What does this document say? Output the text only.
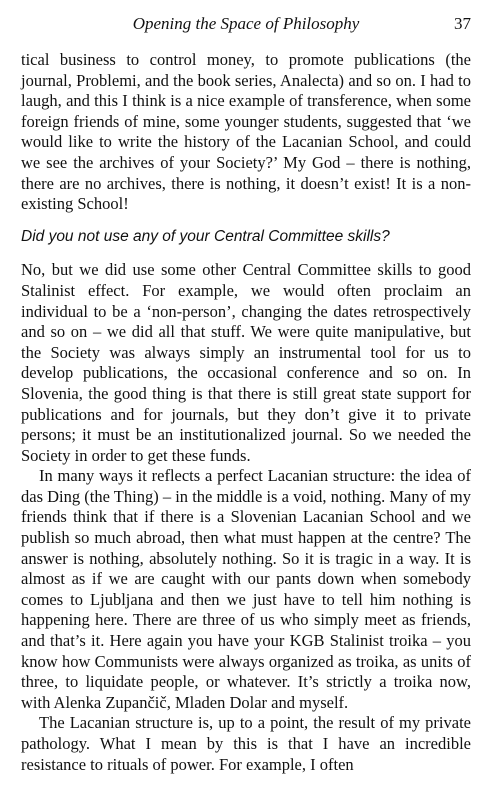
Opening the Space of Philosophy	37

tical business to control money, to promote publications (the journal, Problemi, and the book series, Analecta) and so on. I had to laugh, and this I think is a nice example of transference, when some foreign friends of mine, some younger students, suggested that ‘we would like to write the history of the Lacanian School, and could we see the archives of your Society?’ My God – there is nothing, there are no archives, there is nothing, it doesn’t exist! It is a non-existing School!

Did you not use any of your Central Committee skills?

No, but we did use some other Central Committee skills to good Stalinist effect. For example, we would often proclaim an individual to be a ‘non-person’, changing the dates retrospectively and so on – we did all that stuff. We were quite manipulative, but the Society was always simply an instrumental tool for us to develop publications, the occasional conference and so on. In Slovenia, the good thing is that there is still great state support for publications and for journals, but they don’t give it to private persons; it must be an institutionalized journal. So we needed the Society in order to get these funds.

In many ways it reflects a perfect Lacanian structure: the idea of das Ding (the Thing) – in the middle is a void, nothing. Many of my friends think that if there is a Slovenian Lacanian School and we publish so much abroad, then what must happen at the centre? The answer is nothing, absolutely nothing. So it is tragic in a way. It is almost as if we are caught with our pants down when somebody comes to Ljubljana and then we just have to tell him nothing is happening here. There are three of us who simply meet as friends, and that’s it. Here again you have your KGB Stalinist troika – you know how Communists were always organized as troika, as units of three, to liquidate people, or whatever. It’s strictly a troika now, with Alenka Zupančič, Mladen Dolar and myself.

The Lacanian structure is, up to a point, the result of my private pathology. What I mean by this is that I have an incredible resistance to rituals of power. For example, I often
